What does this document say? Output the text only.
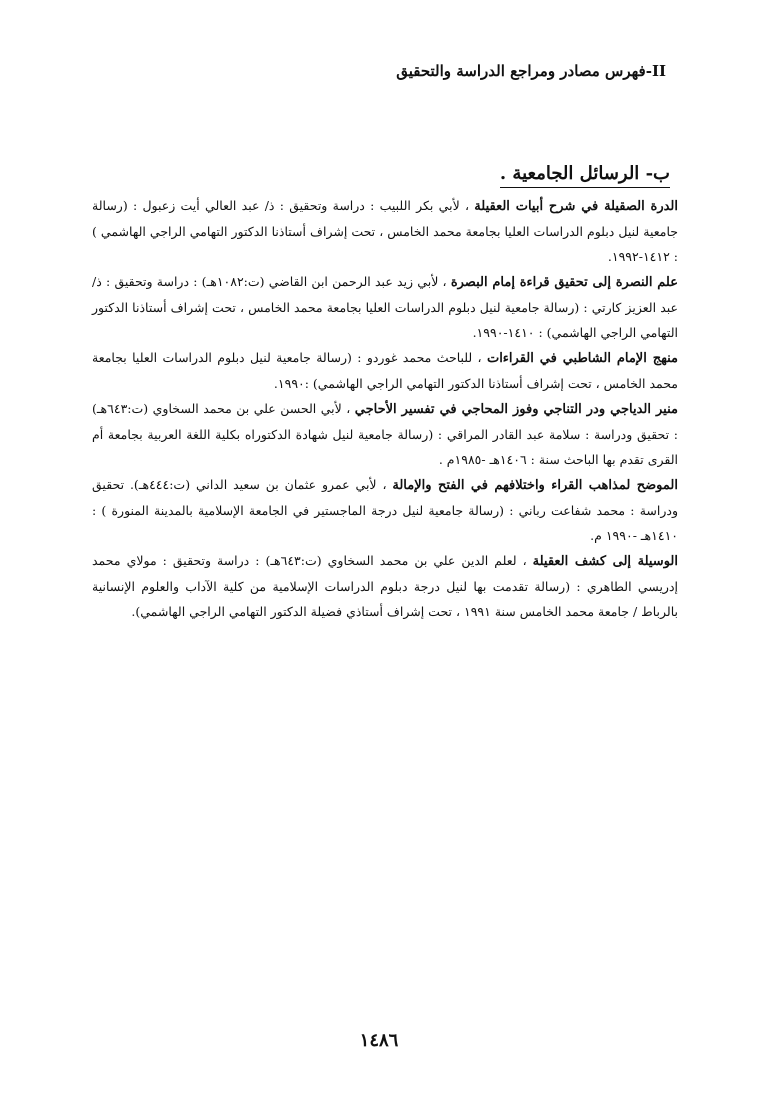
II-فهرس مصادر ومراجع الدراسة والتحقيق
ب- الرسائل الجامعية .

الدرة الصقيلة في شرح أبيات العقيلة ، لأبي بكر اللبيب : دراسة وتحقيق : ذ/ عبد العالي أيت زعبول : (رسالة جامعية لنيل دبلوم الدراسات العليا بجامعة محمد الخامس ، تحت إشراف أستاذنا الدكتور التهامي الراجي الهاشمي ) : ١٤١٢-١٩٩٢.

علم النصرة إلى تحقيق قراءة إمام البصرة ، لأبي زيد عبد الرحمن ابن القاضي (ت:١٠٨٢هـ) : دراسة وتحقيق : ذ/ عبد العزيز كارتي : (رسالة جامعية لنيل دبلوم الدراسات العليا بجامعة محمد الخامس ، تحت إشراف أستاذنا الدكتور التهامي الراجي الهاشمي) : ١٤١٠-١٩٩٠.

منهج الإمام الشاطبي في القراءات ، للباحث محمد غوردو : (رسالة جامعية لنيل دبلوم الدراسات العليا بجامعة محمد الخامس ، تحت إشراف أستاذنا الدكتور التهامي الراجي الهاشمي) :١٩٩٠.

منير الدياجي ودر التناجي وفوز المحاجي في تفسير الأحاجي ، لأبي الحسن علي بن محمد السخاوي (ت:٦٤٣هـ) : تحقيق ودراسة : سلامة عبد القادر المراقي : (رسالة جامعية لنيل شهادة الدكتوراه بكلية اللغة العربية بجامعة أم القرى تقدم بها الباحث سنة : ١٤٠٦هـ -١٩٨٥م .

الموضح لمذاهب القراء واختلافهم في الفتح والإمالة ، لأبي عمرو عثمان بن سعيد الداني (ت:٤٤٤هـ). تحقيق ودراسة : محمد شفاعت رباني : (رسالة جامعية لنيل درجة الماجستير في الجامعة الإسلامية بالمدينة المنورة ) : ١٤١٠هـ -١٩٩٠ م.

الوسيلة إلى كشف العقيلة ، لعلم الدين علي بن محمد السخاوي (ت:٦٤٣هـ) : دراسة وتحقيق : مولاي محمد إدريسي الطاهري : (رسالة تقدمت بها لنيل درجة دبلوم الدراسات الإسلامية من كلية الآداب والعلوم الإنسانية بالرباط / جامعة محمد الخامس سنة ١٩٩١ ، تحت إشراف أستاذي فضيلة الدكتور التهامي الراجي الهاشمي).

١٤٨٦
